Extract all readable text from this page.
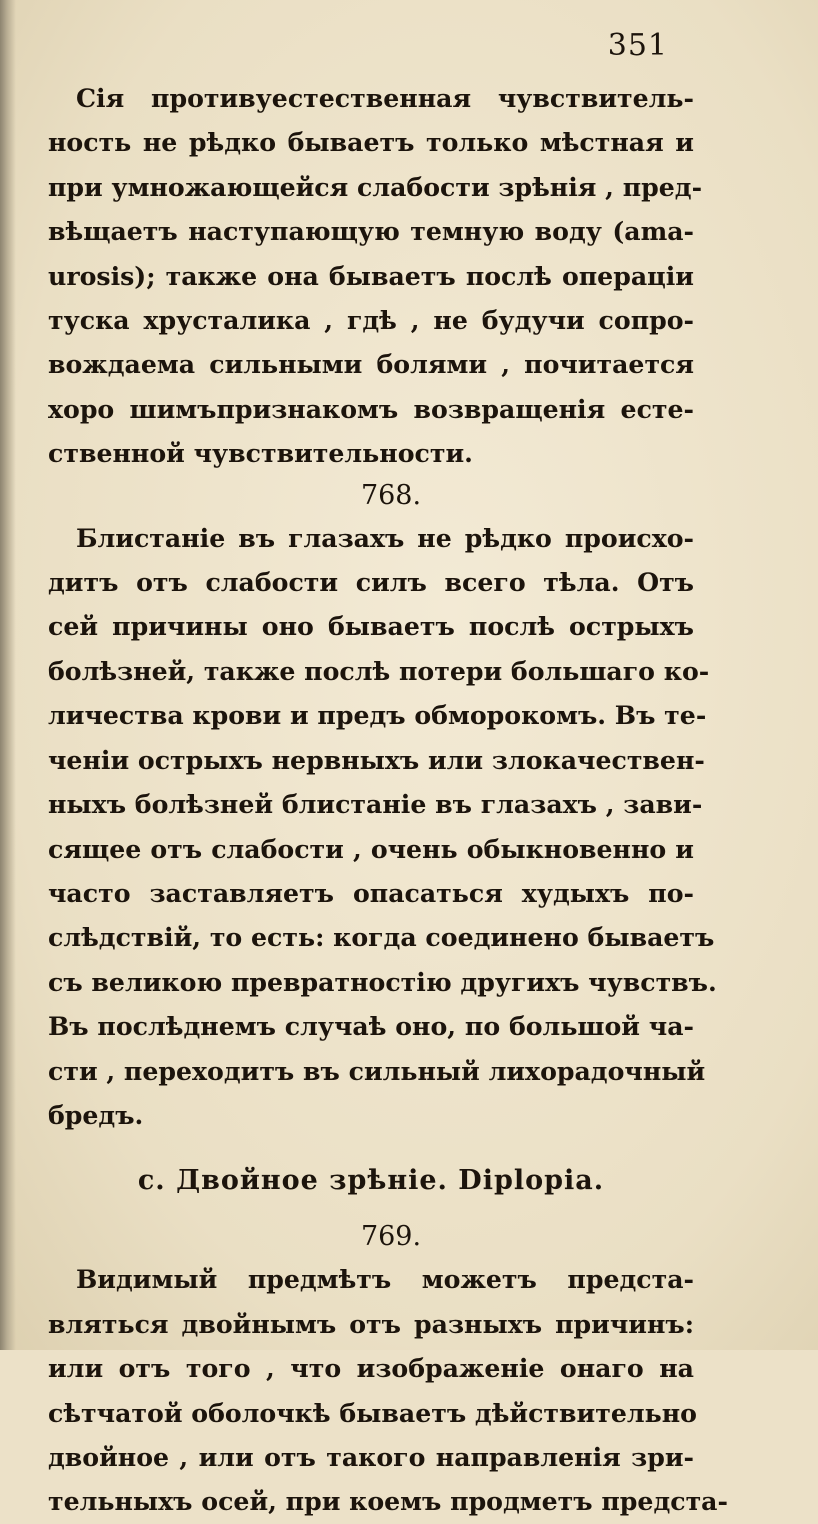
351
Сія противуестественная чувствитель-
ность не рѣдко бываетъ только мѣстная и
при умножающейся слабости зрѣнія , пред-
вѣщаетъ наступающую темную воду (ama-
urosis); также она бываетъ послѣ операціи
тускa хрусталика , гдѣ , не будучи сопро-
вождаема сильными болями , почитается
хоро шимъпризнакомъ возвращенія есте-
ственной чувствительности.
768.
Блистаніе въ глазахъ не рѣдко происхо-
дитъ отъ слабости силъ всего тѣла. Отъ
сей причины оно бываетъ послѣ острыхъ
болѣзней, также послѣ потери большаго ко-
личества крови и предъ обморокомъ. Въ те-
ченіи острыхъ нервныхъ или злокачествен-
ныхъ болѣзней блистаніе въ глазахъ , зави-
сящее отъ слабости , очень обыкновенно и
часто заставляетъ опасаться худыхъ по-
слѣдствій, то есть: когда соединено бываетъ
съ великою превратностію другихъ чувствъ.
Въ послѣднемъ случаѣ оно, по большой ча-
сти , переходитъ въ сильный лихорадочный
бредъ.
c. Двойное зрѣніе. Diplopia.
769.
Видимый предмѣтъ можетъ предста-
вляться двойнымъ отъ разныхъ причинъ:
или отъ того , что изображеніе онаго на
сѣтчатой оболочкѣ бываетъ дѣйствительно
двойное , или отъ такого направленія зри-
тельныхъ осей, при коемъ продметъ предста-
